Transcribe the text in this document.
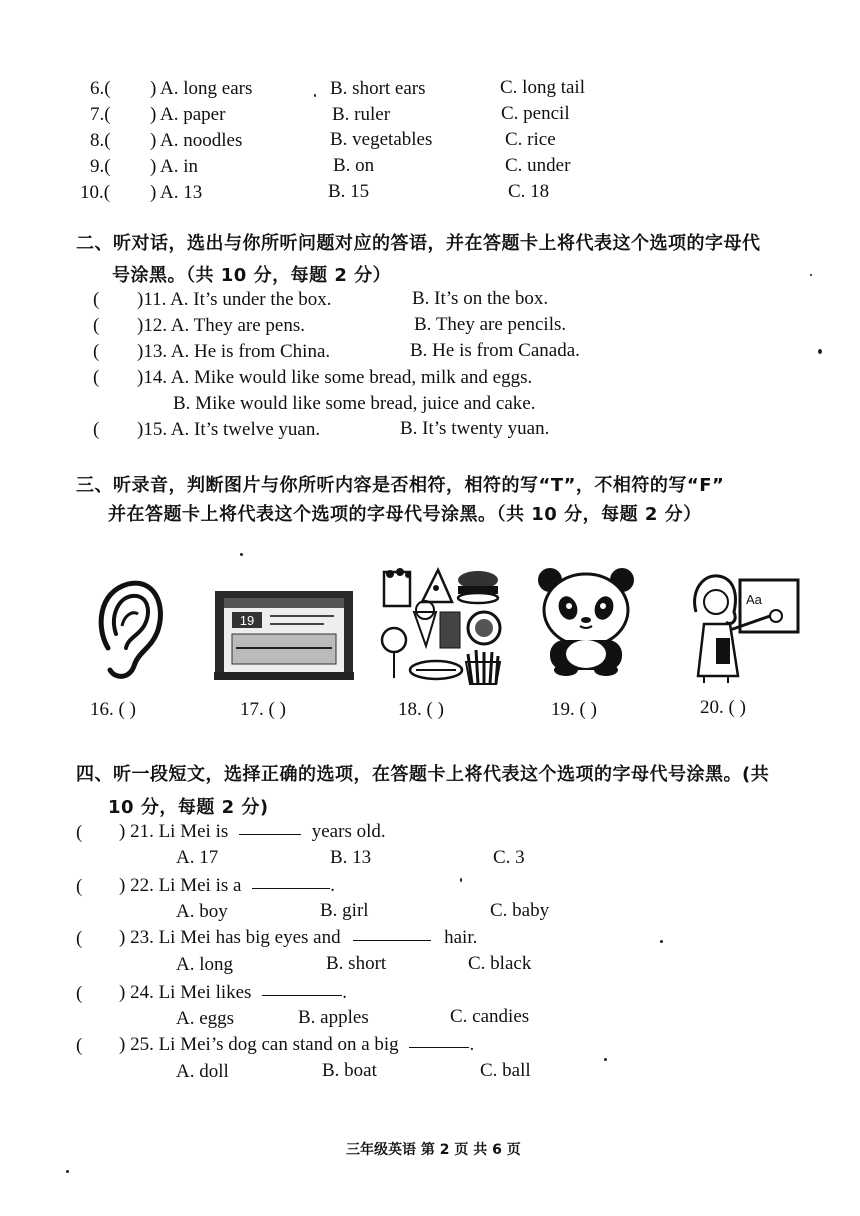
6.( ) A. long ears	B. short ears	C. long tail
7.( ) A. paper	B. ruler	C. pencil
8.( ) A. noodles	B. vegetables	C. rice
9.( ) A. in	B. on	C. under
10.( ) A. 13	B. 15	C. 18
二、听对话，选出与你所听问题对应的答语，并在答题卡上将代表这个选项的字母代
号涂黑。（共 10 分，每题 2 分）
( )11. A. It’s under the box.	B. It’s on the box.
( )12. A. They are pens.	B. They are pencils.
( )13. A. He is from China.	B. He is from Canada.
( )14. A. Mike would like some bread, milk and eggs.
B. Mike would like some bread, juice and cake.
( )15. A. It’s twelve yuan.	B. It’s twenty yuan.
三、听录音，判断图片与你所听内容是否相符，相符的写“T”，不相符的写“F”
并在答题卡上将代表这个选项的字母代号涂黑。（共 10 分，每题 2 分）
19
Aa
16. ( )	17. ( )	18. ( )	19. ( )	20. ( )
四、听一段短文，选择正确的选项，在答题卡上将代表这个选项的字母代号涂黑。(共
10 分，每题 2 分)
( ) 21. Li Mei is	years old.
A. 17	B. 13	C. 3
( ) 22. Li Mei is a	.
A. boy	B. girl	C. baby
( ) 23. Li Mei has big eyes and	hair.
A. long	B. short	C. black
( ) 24. Li Mei likes	.
A. eggs	B. apples	C. candies
( ) 25. Li Mei’s dog can stand on a big	.
A. doll	B. boat	C. ball
三年级英语 第 2 页 共 6 页
